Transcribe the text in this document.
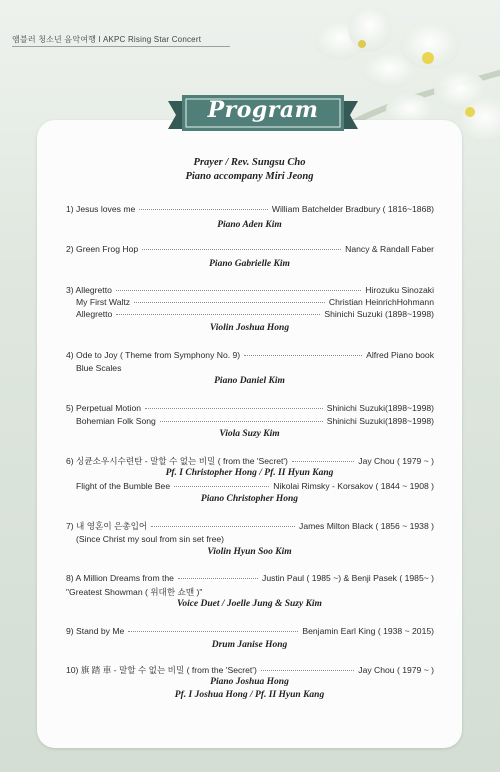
앰블러 청소년 음악여행 I AKPC Rising Star Concert
Program
Prayer / Rev. Sungsu Cho
Piano accompany Miri Jeong
1) Jesus loves me	William Batchelder Bradbury ( 1816~1868)
Piano Aden Kim
2) Green Frog Hop	Nancy & Randall Faber
Piano Gabrielle Kim
3) Allegretto	Hirozuku Sinozaki
My First Waltz	Christian HeinrichHohmann
Allegretto	Shinichi Suzuki (1898~1998)
Violin Joshua Hong
4) Ode to Joy ( Theme from Symphony No. 9)	Alfred Piano book
Blue Scales
Piano Daniel Kim
5) Perpetual Motion	Shinichi Suzuki(1898~1998)
Bohemian Folk Song	Shinichi Suzuki(1898~1998)
Viola Suzy Kim
6) 싱큔소우시수련탄 - 말할 수 없는 비밀 ( from the 'Secret')	Jay Chou ( 1979 ~ )
Pf. I Christopher Hong / Pf. II Hyun Kang
Flight of the Bumble Bee	Nikolai Rimsky - Korsakov ( 1844 ~ 1908 )
Piano Christopher Hong
7) 내 영혼이 은총입어	James Milton Black ( 1856 ~ 1938 )
(Since Christ my soul from sin set free)
Violin Hyun Soo Kim
8) A Million Dreams from the	Justin Paul ( 1985 ~) & Benji Pasek ( 1985~ )
"Greatest Showman ( 위대한 쇼맨 )"
Voice Duet / Joelle Jung & Suzy Kim
9) Stand by Me	Benjamin Earl King ( 1938 ~ 2015)
Drum Janise Hong
10) 旗 踏 車 - 말할 수 없는 비밀 ( from the 'Secret')	Jay Chou ( 1979 ~ )
Piano Joshua Hong
Pf. I Joshua Hong / Pf. II Hyun Kang
